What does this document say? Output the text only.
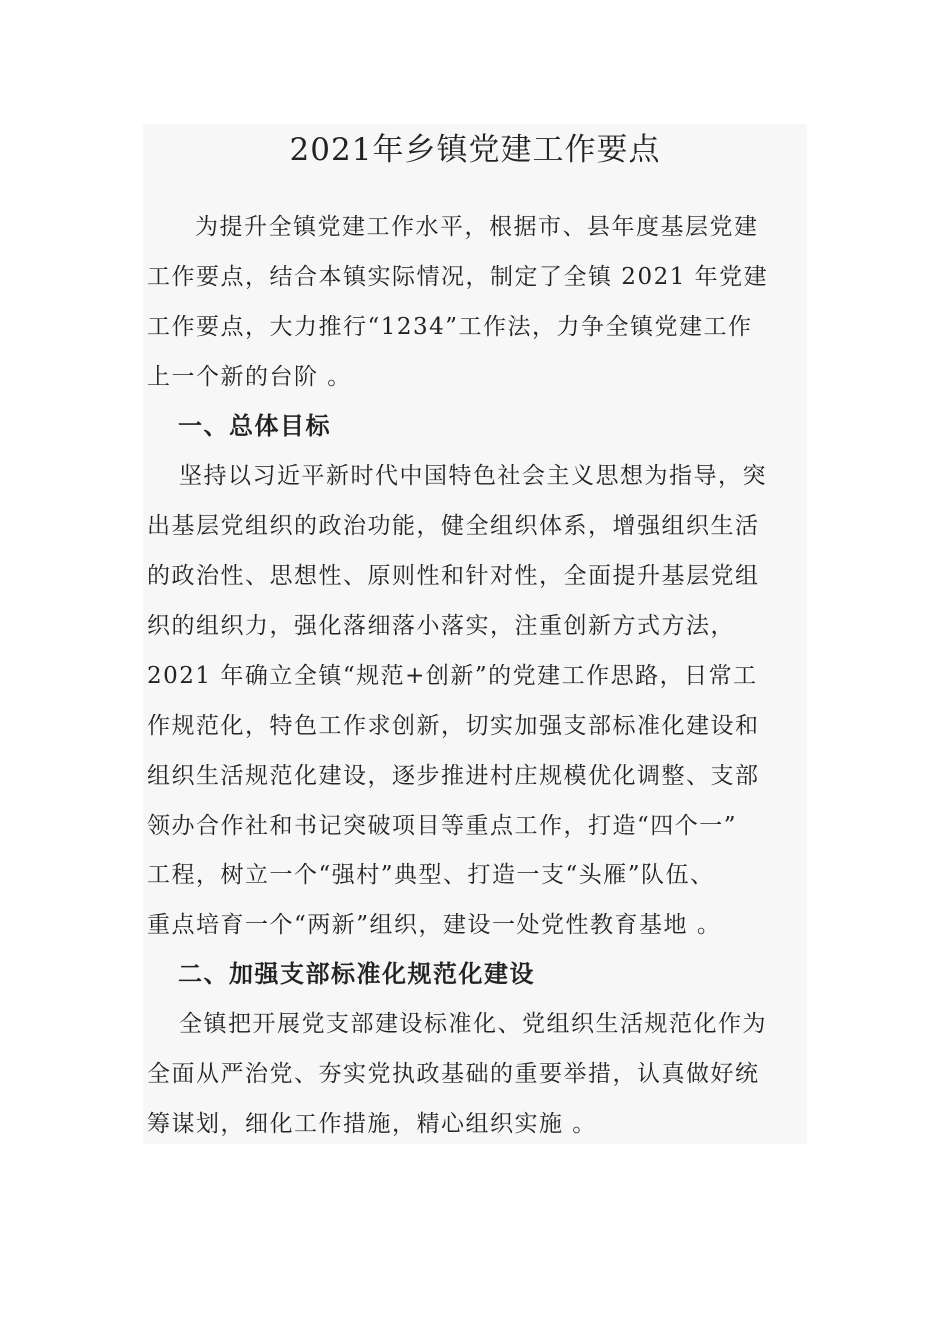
2021年乡镇党建工作要点

为提升全镇党建工作水平，根据市、县年度基层党建

工作要点，结合本镇实际情况，制定了全镇 2021 年党建

工作要点，大力推行“1234”工作法，力争全镇党建工作

上一个新的台阶 。

一、总体目标

坚持以习近平新时代中国特色社会主义思想为指导，突

出基层党组织的政治功能，健全组织体系，增强组织生活

的政治性、思想性、原则性和针对性，全面提升基层党组

织的组织力，强化落细落小落实，注重创新方式方法，

2021 年确立全镇“规范+创新”的党建工作思路，日常工

作规范化，特色工作求创新，切实加强支部标准化建设和

组织生活规范化建设，逐步推进村庄规模优化调整、支部

领办合作社和书记突破项目等重点工作，打造“四个一”

工程，树立一个“强村”典型、打造一支“头雁”队伍、

重点培育一个“两新”组织，建设一处党性教育基地 。

二、加强支部标准化规范化建设

全镇把开展党支部建设标准化、党组织生活规范化作为

全面从严治党、夯实党执政基础的重要举措，认真做好统

筹谋划，细化工作措施，精心组织实施 。
